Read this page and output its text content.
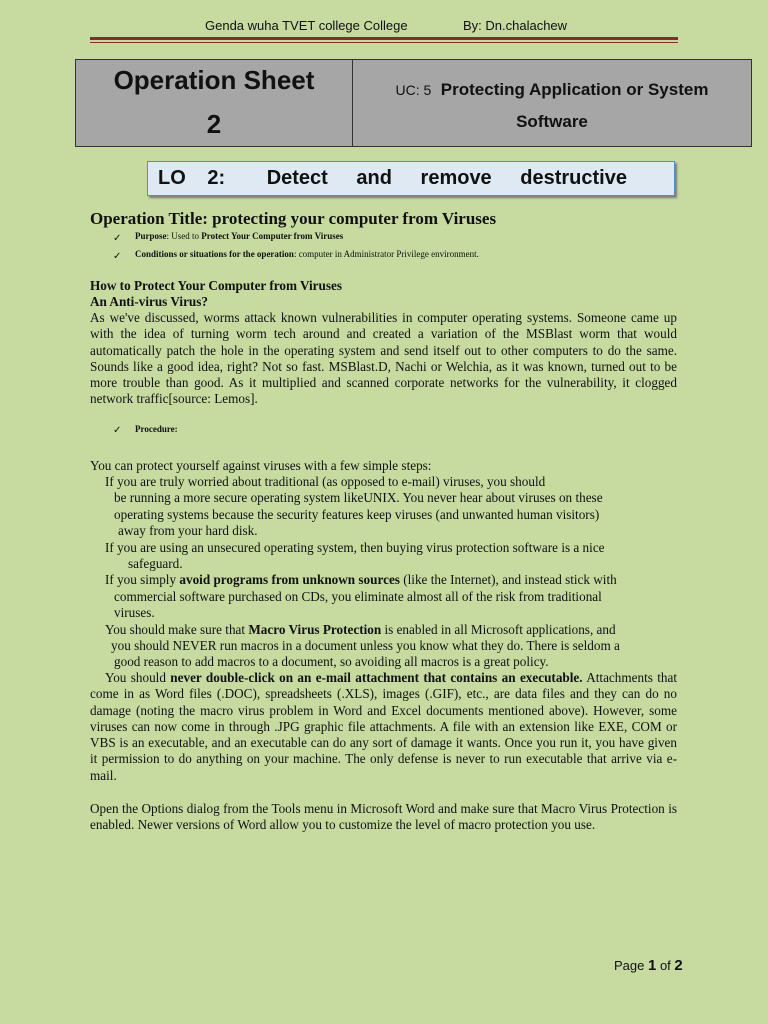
Genda wuha TVET college College	By: Dn.chalachew
Operation Sheet
2
UC: 5 Protecting Application or System
Software
LO 2: Detect and remove destructive
Operation Title: protecting your computer from Viruses
✓ Purpose: Used to Protect Your Computer from Viruses
✓ Conditions or situations for the operation: computer in Administrator Privilege environment.
How to Protect Your Computer from Viruses
An Anti-virus Virus?
As we've discussed, worms attack known vulnerabilities in computer operating systems. Someone came up with the idea of turning worm tech around and created a variation of the MSBlast worm that would automatically patch the hole in the operating system and send itself out to other computers to do the same. Sounds like a good idea, right? Not so fast. MSBlast.D, Nachi or Welchia, as it was known, turned out to be more trouble than good. As it multiplied and scanned corporate networks for the vulnerability, it clogged network traffic[source: Lemos].
✓ Procedure:
You can protect yourself against viruses with a few simple steps:
If you are truly worried about traditional (as opposed to e-mail) viruses, you should
be running a more secure operating system likeUNIX. You never hear about viruses on these
operating systems because the security features keep viruses (and unwanted human visitors)
away from your hard disk.
If you are using an unsecured operating system, then buying virus protection software is a nice
safeguard.
If you simply avoid programs from unknown sources (like the Internet), and instead stick with
commercial software purchased on CDs, you eliminate almost all of the risk from traditional
viruses.
You should make sure that Macro Virus Protection is enabled in all Microsoft applications, and
you should NEVER run macros in a document unless you know what they do. There is seldom a
good reason to add macros to a document, so avoiding all macros is a great policy.
You should never double-click on an e-mail attachment that contains an executable. Attachments that come in as Word files (.DOC), spreadsheets (.XLS), images (.GIF), etc., are data files and they can do no damage (noting the macro virus problem in Word and Excel documents mentioned above). However, some viruses can now come in through .JPG graphic file attachments. A file with an extension like EXE, COM or VBS is an executable, and an executable can do any sort of damage it wants. Once you run it, you have given it permission to do anything on your machine. The only defense is never to run executable that arrive via e-mail.
Open the Options dialog from the Tools menu in Microsoft Word and make sure that Macro Virus Protection is enabled. Newer versions of Word allow you to customize the level of macro protection you use.
Page 1 of 2
